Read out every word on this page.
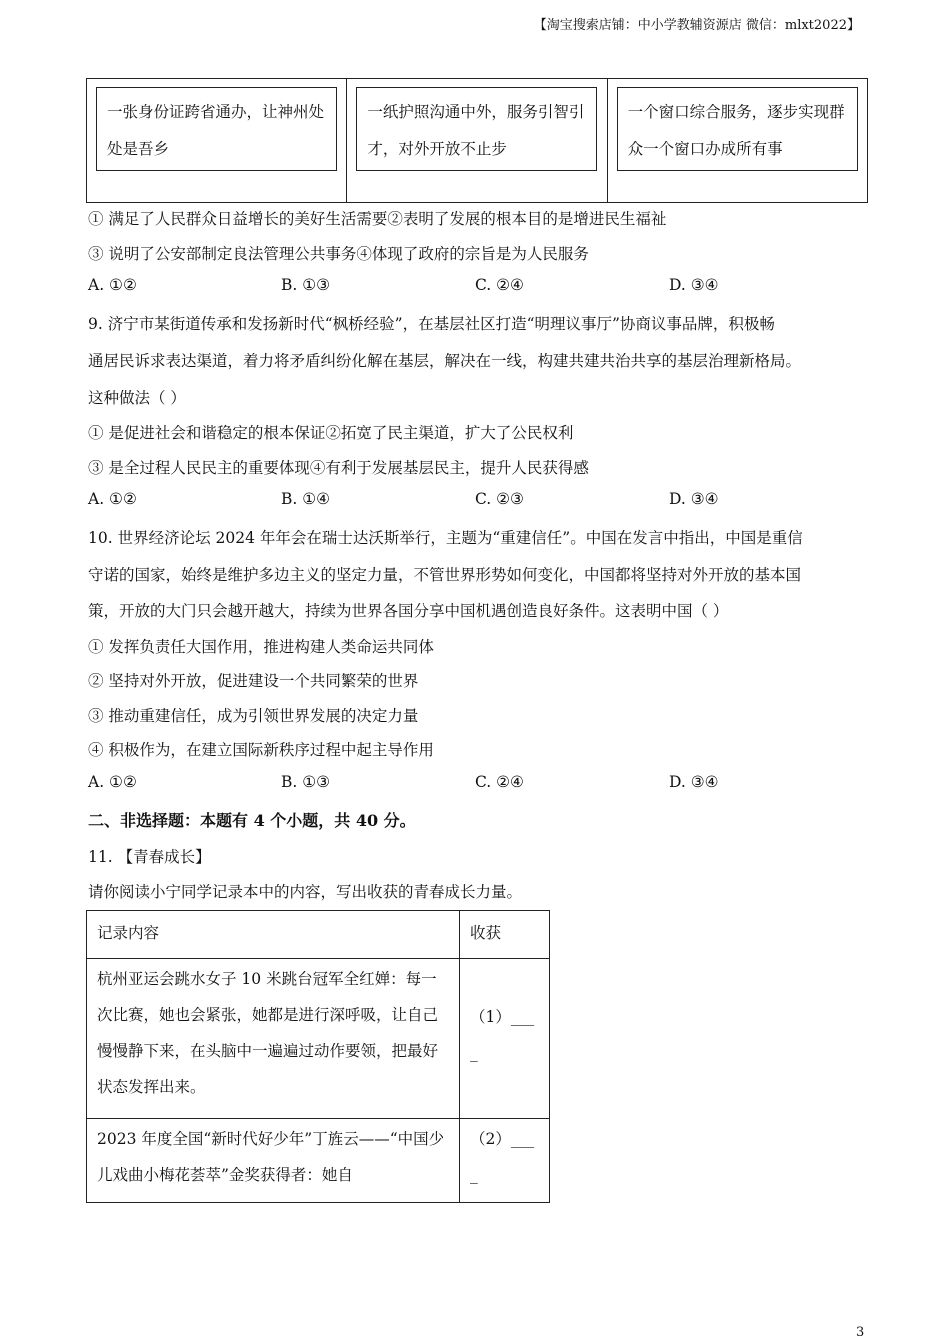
【淘宝搜索店铺：中小学教辅资源店 微信：mlxt2022】
一张身份证跨省通办，让神州处处是吾乡
一纸护照沟通中外，服务引智引才，对外开放不止步
一个窗口综合服务，逐步实现群众一个窗口办成所有事
① 满足了人民群众日益增长的美好生活需要②表明了发展的根本目的是增进民生福祉
③ 说明了公安部制定良法管理公共事务④体现了政府的宗旨是为人民服务
A. ①②	B. ①③	C. ②④	D. ③④
9. 济宁市某街道传承和发扬新时代“枫桥经验”，在基层社区打造“明理议事厅”协商议事品牌，积极畅
通居民诉求表达渠道，着力将矛盾纠纷化解在基层，解决在一线，构建共建共治共享的基层治理新格局。
这种做法（ ）
① 是促进社会和谐稳定的根本保证②拓宽了民主渠道，扩大了公民权利
③ 是全过程人民民主的重要体现④有利于发展基层民主，提升人民获得感
A. ①②	B. ①④	C. ②③	D. ③④
10. 世界经济论坛 2024 年年会在瑞士达沃斯举行，主题为“重建信任”。中国在发言中指出，中国是重信
守诺的国家，始终是维护多边主义的坚定力量，不管世界形势如何变化，中国都将坚持对外开放的基本国
策，开放的大门只会越开越大，持续为世界各国分享中国机遇创造良好条件。这表明中国（ ）
① 发挥负责任大国作用，推进构建人类命运共同体
② 坚持对外开放，促进建设一个共同繁荣的世界
③ 推动重建信任，成为引领世界发展的决定力量
④ 积极作为，在建立国际新秩序过程中起主导作用
A. ①②	B. ①③	C. ②④	D. ③④
二、非选择题：本题有 4 个小题，共 40 分。
11. 【青春成长】
请你阅读小宁同学记录本中的内容，写出收获的青春成长力量。
记录内容	收获
杭州亚运会跳水女子 10 米跳台冠军全红婵：每一次比赛，她也会紧张，她都是进行深呼吸，让自己慢慢静下来，在头脑中一遍遍过动作要领，把最好状态发挥出来。
（1）____
2023 年度全国“新时代好少年”丁旌云——“中国少儿戏曲小梅花荟萃”金奖获得者：她自
（2）____
3
